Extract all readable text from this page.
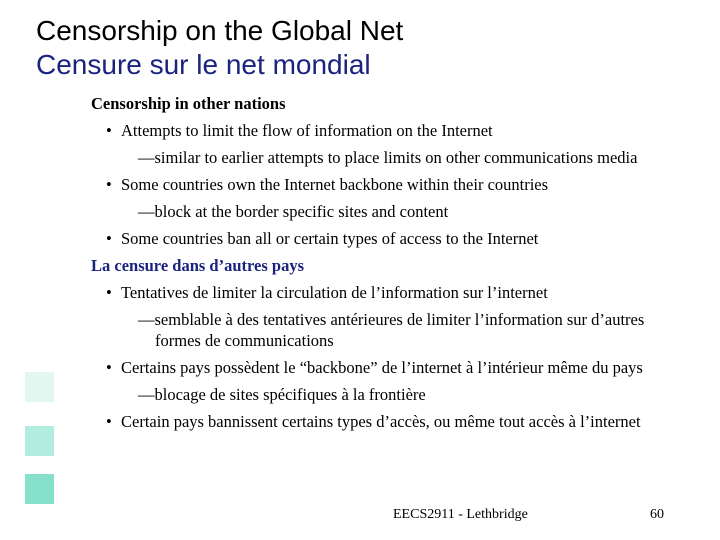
Censorship on the Global Net
Censure sur le net mondial
Censorship in other nations
• Attempts to limit the flow of information on the Internet
—similar to earlier attempts to place limits on other communications media
• Some countries own the Internet backbone within their countries
—block at the border specific sites and content
• Some countries ban all or certain types of access to the Internet
La censure dans d’autres pays
• Tentatives de limiter la circulation de l’information sur l’internet
—semblable à des tentatives antérieures de limiter l’information sur d’autres formes de communications
• Certains pays possèdent le “backbone” de l’internet à l’intérieur même du pays
—blocage de sites spécifiques à la frontière
• Certain pays bannissent certains types d’accès, ou même tout accès à l’internet
EECS2911 - Lethbridge	60
